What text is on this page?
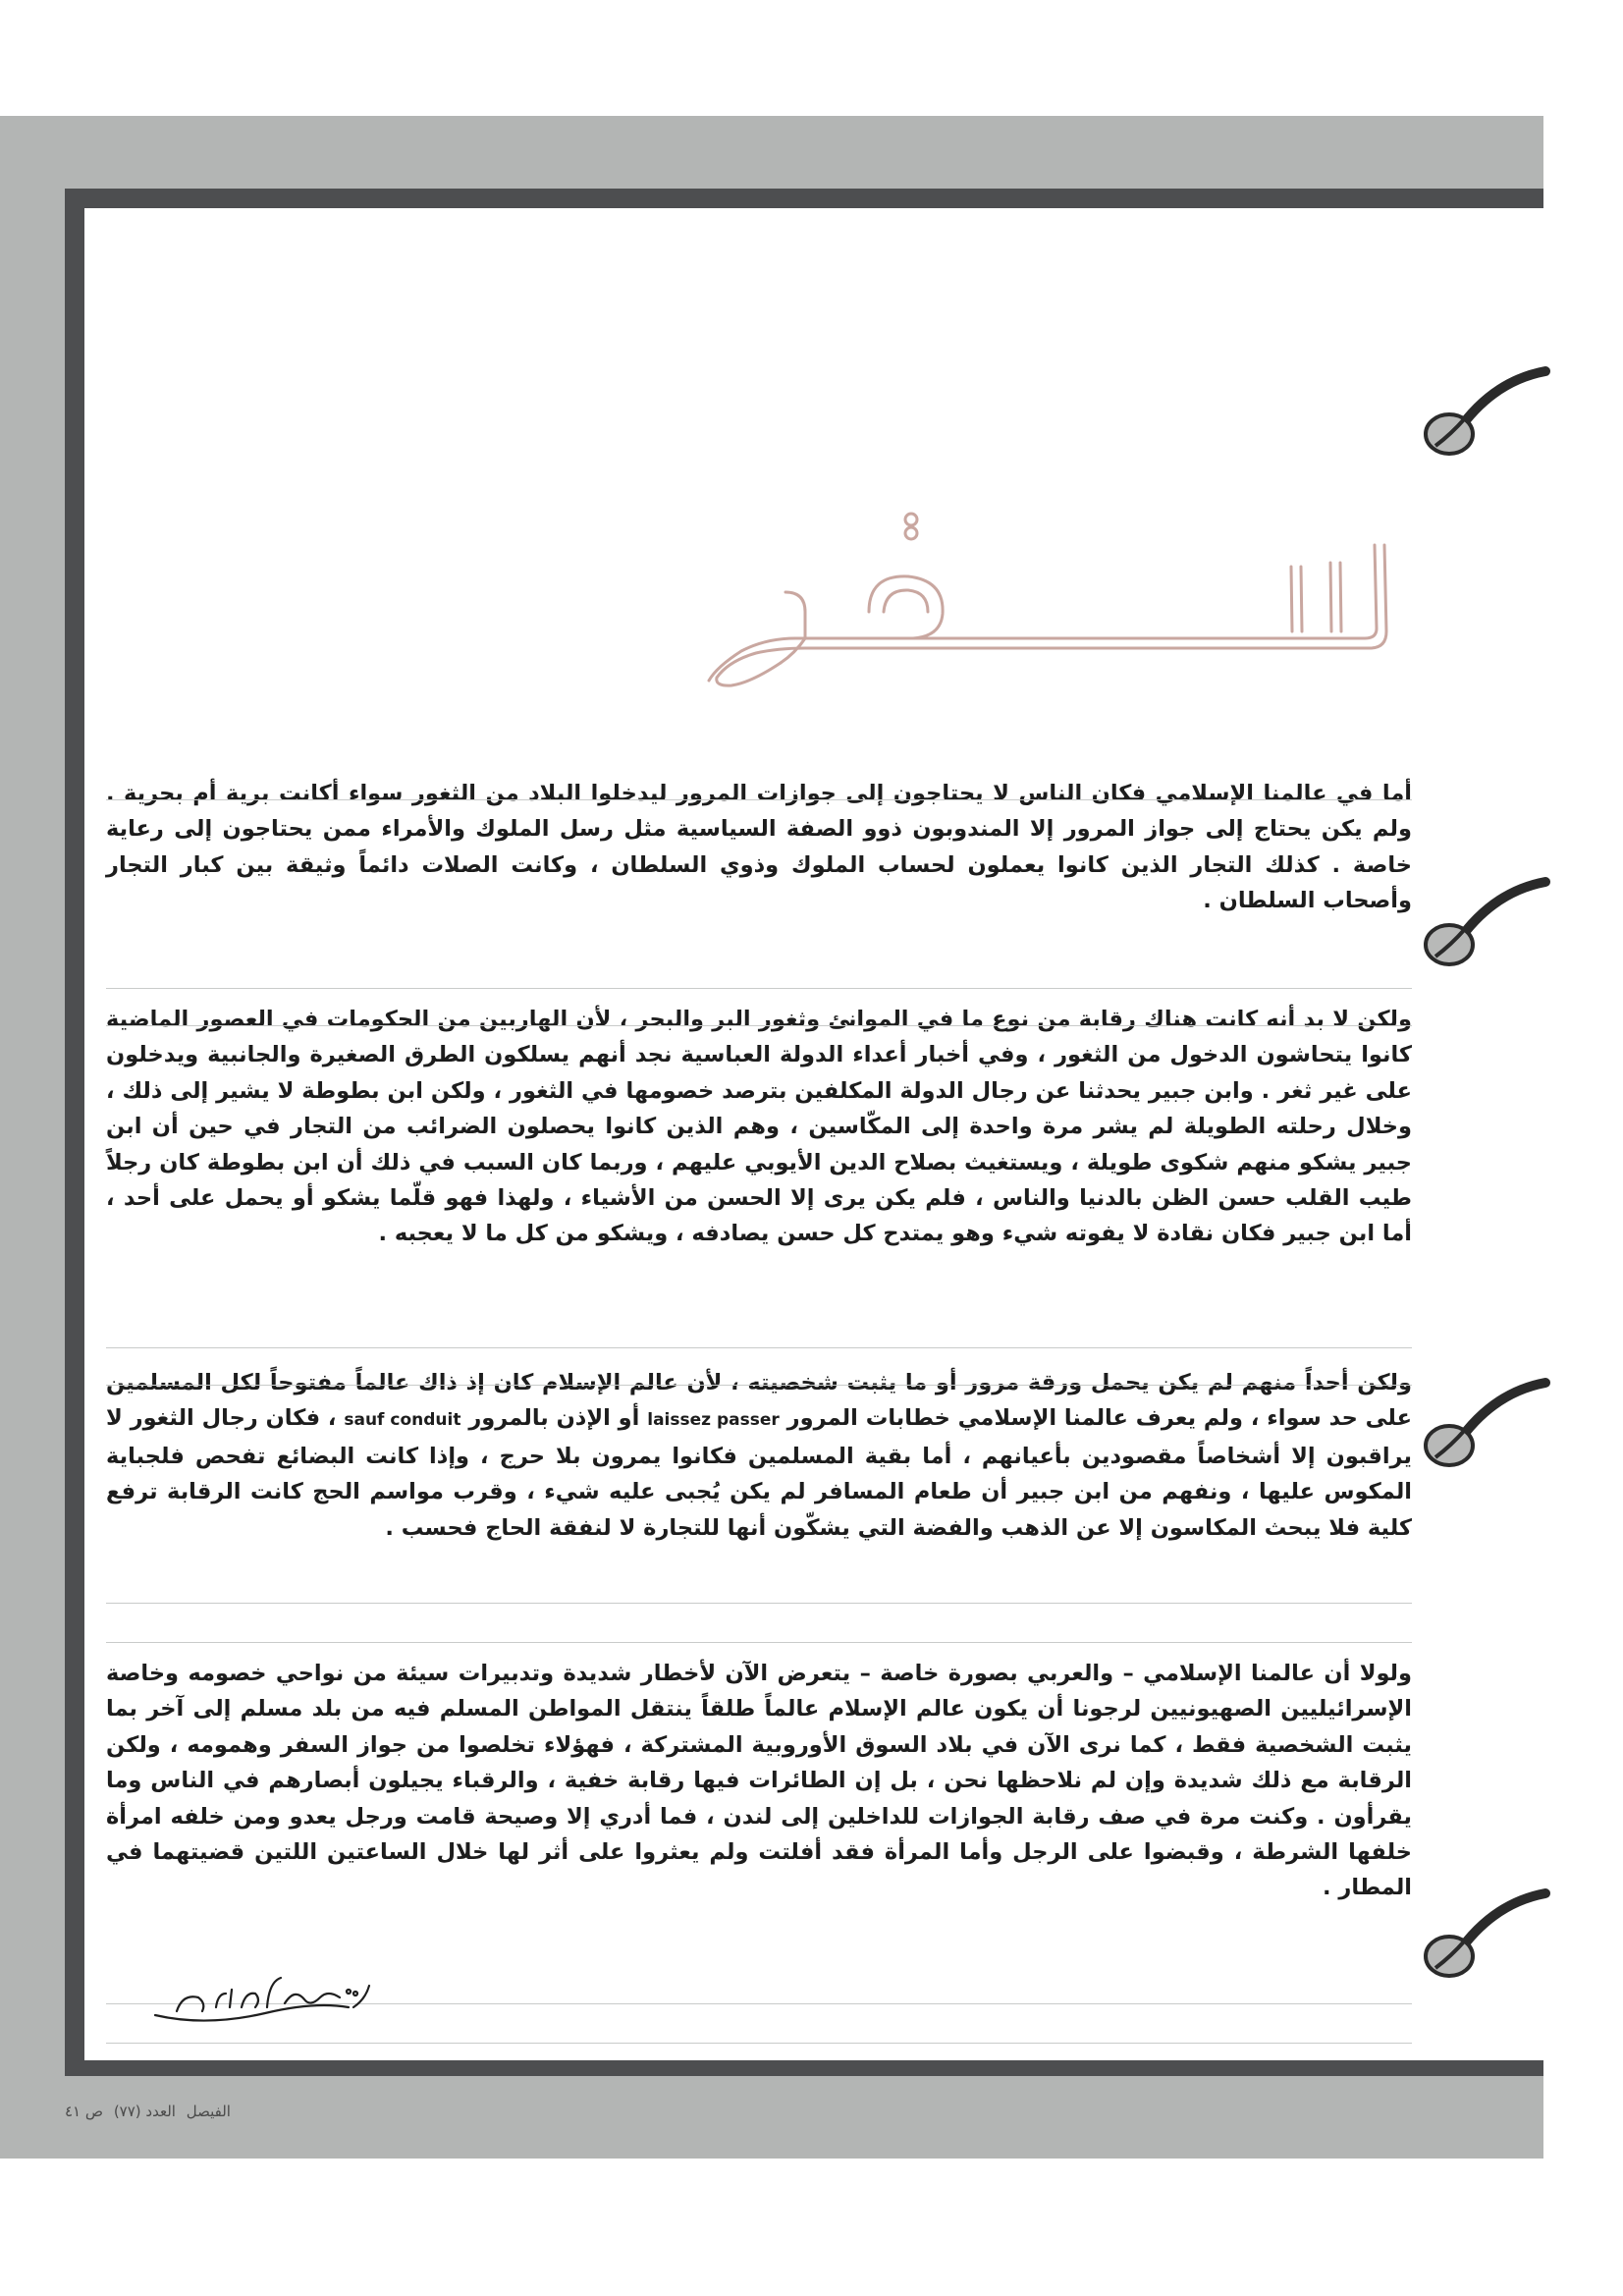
أما في عالمنا الإسلامي فكان الناس لا يحتاجون إلى جوازات المرور ليدخلوا البلاد من الثغور سواء أكانت برية أم بحرية . ولم يكن يحتاج إلى جواز المرور إلا المندوبون ذوو الصفة السياسية مثل رسل الملوك والأمراء ممن يحتاجون إلى رعاية خاصة . كذلك التجار الذين كانوا يعملون لحساب الملوك وذوي السلطان ، وكانت الصلات دائماً وثيقة بين كبار التجار وأصحاب السلطان .

ولكن لا بد أنه كانت هناك رقابة من نوع ما في الموانئ وثغور البر والبحر ، لأن الهاربين من الحكومات في العصور الماضية كانوا يتحاشون الدخول من الثغور ، وفي أخبار أعداء الدولة العباسية نجد أنهم يسلكون الطرق الصغيرة والجانبية ويدخلون على غير ثغر . وابن جبير يحدثنا عن رجال الدولة المكلفين بترصد خصومها في الثغور ، ولكن ابن بطوطة لا يشير إلى ذلك ، وخلال رحلته الطويلة لم يشر مرة واحدة إلى المكّاسين ، وهم الذين كانوا يحصلون الضرائب من التجار في حين أن ابن جبير يشكو منهم شكوى طويلة ، ويستغيث بصلاح الدين الأيوبي عليهم ، وربما كان السبب في ذلك أن ابن بطوطة كان رجلاً طيب القلب حسن الظن بالدنيا والناس ، فلم يكن يرى إلا الحسن من الأشياء ، ولهذا فهو قلّما يشكو أو يحمل على أحد ، أما ابن جبير فكان نقادة لا يفوته شيء وهو يمتدح كل حسن يصادفه ، ويشكو من كل ما لا يعجبه .

ولكن أحداً منهم لم يكن يحمل ورقة مرور أو ما يثبت شخصيته ، لأن عالم الإسلام كان إذ ذاك عالماً مفتوحاً لكل المسلمين على حد سواء ، ولم يعرف عالمنا الإسلامي خطابات المرور laissez passer أو الإذن بالمرور sauf conduit ، فكان رجال الثغور لا يراقبون إلا أشخاصاً مقصودين بأعيانهم ، أما بقية المسلمين فكانوا يمرون بلا حرج ، وإذا كانت البضائع تفحص فلجباية المكوس عليها ، ونفهم من ابن جبير أن طعام المسافر لم يكن يُجبى عليه شيء ، وقرب مواسم الحج كانت الرقابة ترفع كلية فلا يبحث المكاسون إلا عن الذهب والفضة التي يشكّون أنها للتجارة لا لنفقة الحاج فحسب .

ولولا أن عالمنا الإسلامي – والعربي بصورة خاصة – يتعرض الآن لأخطار شديدة وتدبيرات سيئة من نواحي خصومه وخاصة الإسرائيليين الصهيونيين لرجونا أن يكون عالم الإسلام عالماً طلقاً ينتقل المواطن المسلم فيه من بلد مسلم إلى آخر بما يثبت الشخصية فقط ، كما نرى الآن في بلاد السوق الأوروبية المشتركة ، فهؤلاء تخلصوا من جواز السفر وهمومه ، ولكن الرقابة مع ذلك شديدة وإن لم نلاحظها نحن ، بل إن الطائرات فيها رقابة خفية ، والرقباء يجيلون أبصارهم في الناس وما يقرأون . وكنت مرة في صف رقابة الجوازات للداخلين إلى لندن ، فما أدري إلا وصيحة قامت ورجل يعدو ومن خلفه امرأة خلفها الشرطة ، وقبضوا على الرجل وأما المرأة فقد أفلتت ولم يعثروا على أثر لها خلال الساعتين اللتين قضيتهما في المطار .

الفيصل العدد (٧٧) ص ٤١
